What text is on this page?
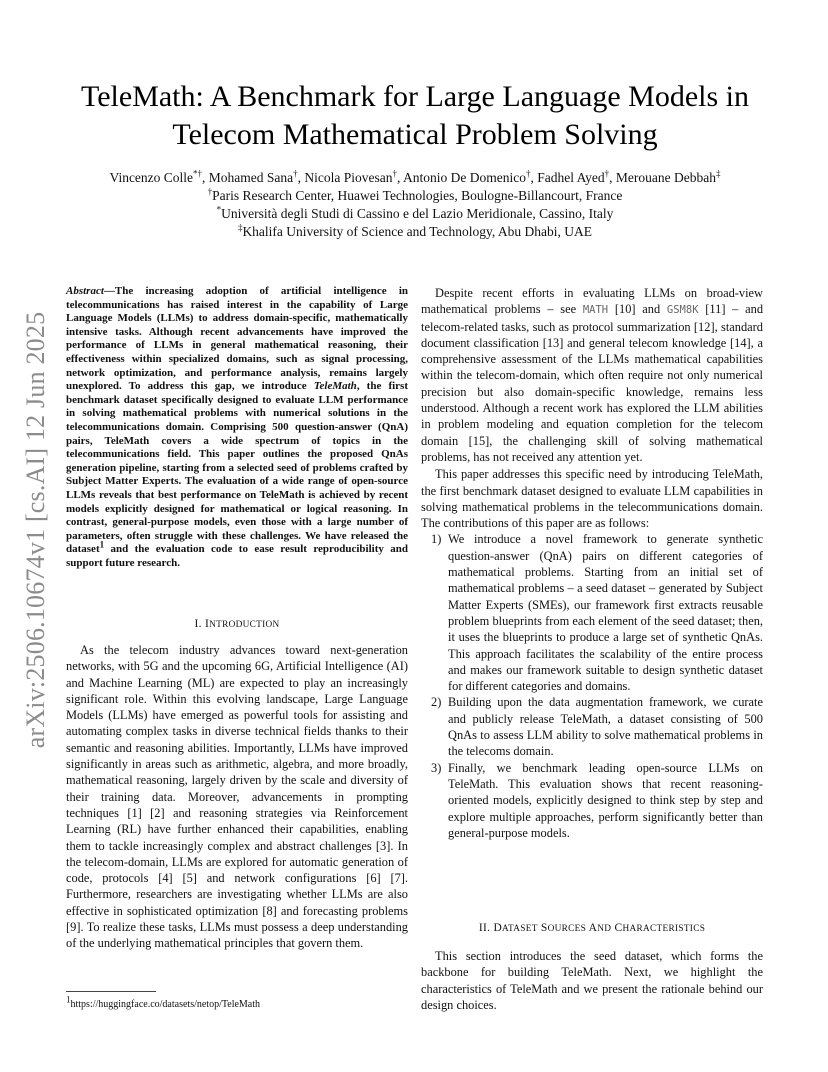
arXiv:2506.10674v1 [cs.AI] 12 Jun 2025
TeleMath: A Benchmark for Large Language Models in Telecom Mathematical Problem Solving
Vincenzo Colle*†, Mohamed Sana†, Nicola Piovesan†, Antonio De Domenico†, Fadhel Ayed†, Merouane Debbah‡
†Paris Research Center, Huawei Technologies, Boulogne-Billancourt, France
*Università degli Studi di Cassino e del Lazio Meridionale, Cassino, Italy
‡Khalifa University of Science and Technology, Abu Dhabi, UAE
Abstract—The increasing adoption of artificial intelligence in telecommunications has raised interest in the capability of Large Language Models (LLMs) to address domain-specific, mathematically intensive tasks. Although recent advancements have improved the performance of LLMs in general mathematical reasoning, their effectiveness within specialized domains, such as signal processing, network optimization, and performance analysis, remains largely unexplored. To address this gap, we introduce TeleMath, the first benchmark dataset specifically designed to evaluate LLM performance in solving mathematical problems with numerical solutions in the telecommunications domain. Comprising 500 question-answer (QnA) pairs, TeleMath covers a wide spectrum of topics in the telecommunications field. This paper outlines the proposed QnAs generation pipeline, starting from a selected seed of problems crafted by Subject Matter Experts. The evaluation of a wide range of open-source LLMs reveals that best performance on TeleMath is achieved by recent models explicitly designed for mathematical or logical reasoning. In contrast, general-purpose models, even those with a large number of parameters, often struggle with these challenges. We have released the dataset$^1$ and the evaluation code to ease result reproducibility and support future research.
I. INTRODUCTION

As the telecom industry advances toward next-generation networks, with 5G and the upcoming 6G, Artificial Intelligence (AI) and Machine Learning (ML) are expected to play an increasingly significant role. Within this evolving landscape, Large Language Models (LLMs) have emerged as powerful tools for assisting and automating complex tasks in diverse technical fields thanks to their semantic and reasoning abilities. Importantly, LLMs have improved significantly in areas such as arithmetic, algebra, and more broadly, mathematical reasoning, largely driven by the scale and diversity of their training data. Moreover, advancements in prompting techniques [1] [2] and reasoning strategies via Reinforcement Learning (RL) have further enhanced their capabilities, enabling them to tackle increasingly complex and abstract challenges [3]. In the telecom-domain, LLMs are explored for automatic generation of code, protocols [4] [5] and network configurations [6] [7]. Furthermore, researchers are investigating whether LLMs are also effective in sophisticated optimization [8] and forecasting problems [9]. To realize these tasks, LLMs must possess a deep understanding of the underlying mathematical principles that govern them.

$^1$https://huggingface.co/datasets/netop/TeleMath

Despite recent efforts in evaluating LLMs on broad-view mathematical problems – see MATH [10] and GSM8K [11] – and telecom-related tasks, such as protocol summarization [12], standard document classification [13] and general telecom knowledge [14], a comprehensive assessment of the LLMs mathematical capabilities within the telecom-domain, which often require not only numerical precision but also domain-specific knowledge, remains less understood. Although a recent work has explored the LLM abilities in problem modeling and equation completion for the telecom domain [15], the challenging skill of solving mathematical problems, has not received any attention yet.

This paper addresses this specific need by introducing TeleMath, the first benchmark dataset designed to evaluate LLM capabilities in solving mathematical problems in the telecommunications domain. The contributions of this paper are as follows:

1) We introduce a novel framework to generate synthetic question-answer (QnA) pairs on different categories of mathematical problems. Starting from an initial set of mathematical problems – a seed dataset – generated by Subject Matter Experts (SMEs), our framework first extracts reusable problem blueprints from each element of the seed dataset; then, it uses the blueprints to produce a large set of synthetic QnAs. This approach facilitates the scalability of the entire process and makes our framework suitable to design synthetic dataset for different categories and domains.
2) Building upon the data augmentation framework, we curate and publicly release TeleMath, a dataset consisting of 500 QnAs to assess LLM ability to solve mathematical problems in the telecoms domain.
3) Finally, we benchmark leading open-source LLMs on TeleMath. This evaluation shows that recent reasoning-oriented models, explicitly designed to think step by step and explore multiple approaches, perform significantly better than general-purpose models.
II. DATASET SOURCES AND CHARACTERISTICS

This section introduces the seed dataset, which forms the backbone for building TeleMath. Next, we highlight the characteristics of TeleMath and we present the rationale behind our design choices.
